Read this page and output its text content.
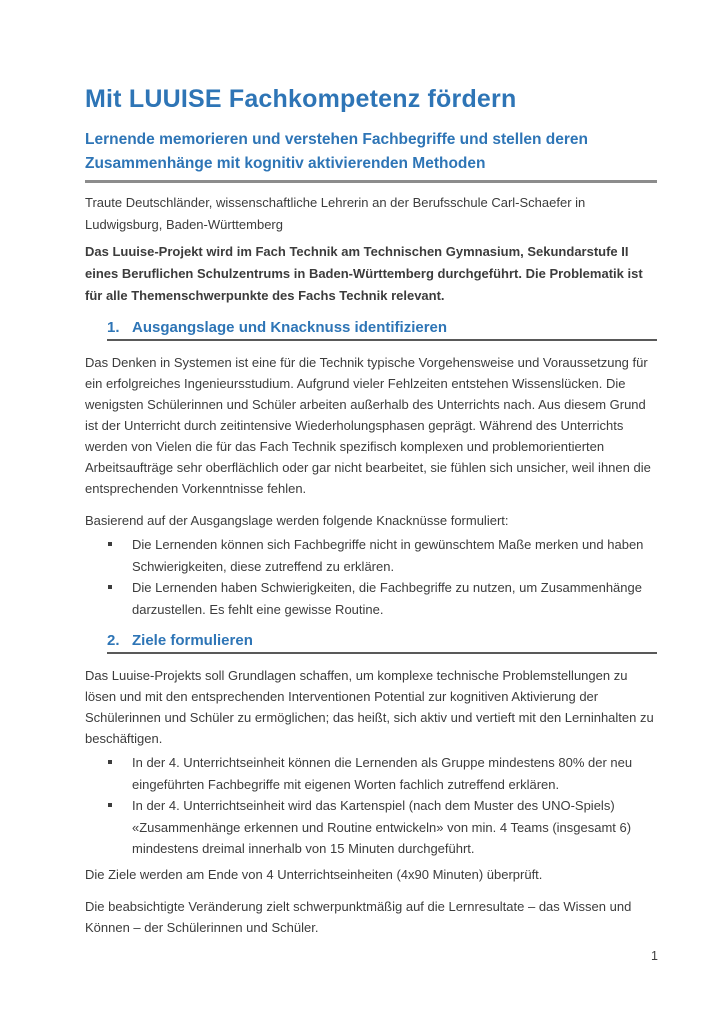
Mit LUUISE Fachkompetenz fördern
Lernende memorieren und verstehen Fachbegriffe und stellen deren Zusammenhänge mit kognitiv aktivierenden Methoden

Traute Deutschländer, wissenschaftliche Lehrerin an der Berufsschule Carl-Schaefer in Ludwigsburg, Baden-Württemberg

Das Luuise-Projekt wird im Fach Technik am Technischen Gymnasium, Sekundarstufe II eines Beruflichen Schulzentrums in Baden-Württemberg durchgeführt. Die Problematik ist für alle Themenschwerpunkte des Fachs Technik relevant.

1. Ausgangslage und Knacknuss identifizieren

Das Denken in Systemen ist eine für die Technik typische Vorgehensweise und Voraussetzung für ein erfolgreiches Ingenieursstudium. Aufgrund vieler Fehlzeiten entstehen Wissenslücken. Die wenigsten Schülerinnen und Schüler arbeiten außerhalb des Unterrichts nach. Aus diesem Grund ist der Unterricht durch zeitintensive Wiederholungsphasen geprägt. Während des Unterrichts werden von Vielen die für das Fach Technik spezifisch komplexen und problemorientierten Arbeitsaufträge sehr oberflächlich oder gar nicht bearbeitet, sie fühlen sich unsicher, weil ihnen die entsprechenden Vorkenntnisse fehlen.

Basierend auf der Ausgangslage werden folgende Knacknüsse formuliert:

Die Lernenden können sich Fachbegriffe nicht in gewünschtem Maße merken und haben Schwierigkeiten, diese zutreffend zu erklären.
Die Lernenden haben Schwierigkeiten, die Fachbegriffe zu nutzen, um Zusammenhänge darzustellen. Es fehlt eine gewisse Routine.
2. Ziele formulieren

Das Luuise-Projekts soll Grundlagen schaffen, um komplexe technische Problemstellungen zu lösen und mit den entsprechenden Interventionen Potential zur kognitiven Aktivierung der Schülerinnen und Schüler zu ermöglichen; das heißt, sich aktiv und vertieft mit den Lerninhalten zu beschäftigen.

In der 4. Unterrichtseinheit können die Lernenden als Gruppe mindestens 80% der neu eingeführten Fachbegriffe mit eigenen Worten fachlich zutreffend erklären.
In der 4. Unterrichtseinheit wird das Kartenspiel (nach dem Muster des UNO-Spiels) «Zusammenhänge erkennen und Routine entwickeln» von min. 4 Teams (insgesamt 6) mindestens dreimal innerhalb von 15 Minuten durchgeführt.

Die Ziele werden am Ende von 4 Unterrichtseinheiten (4x90 Minuten) überprüft.

Die beabsichtigte Veränderung zielt schwerpunktmäßig auf die Lernresultate – das Wissen und Können – der Schülerinnen und Schüler.

1
